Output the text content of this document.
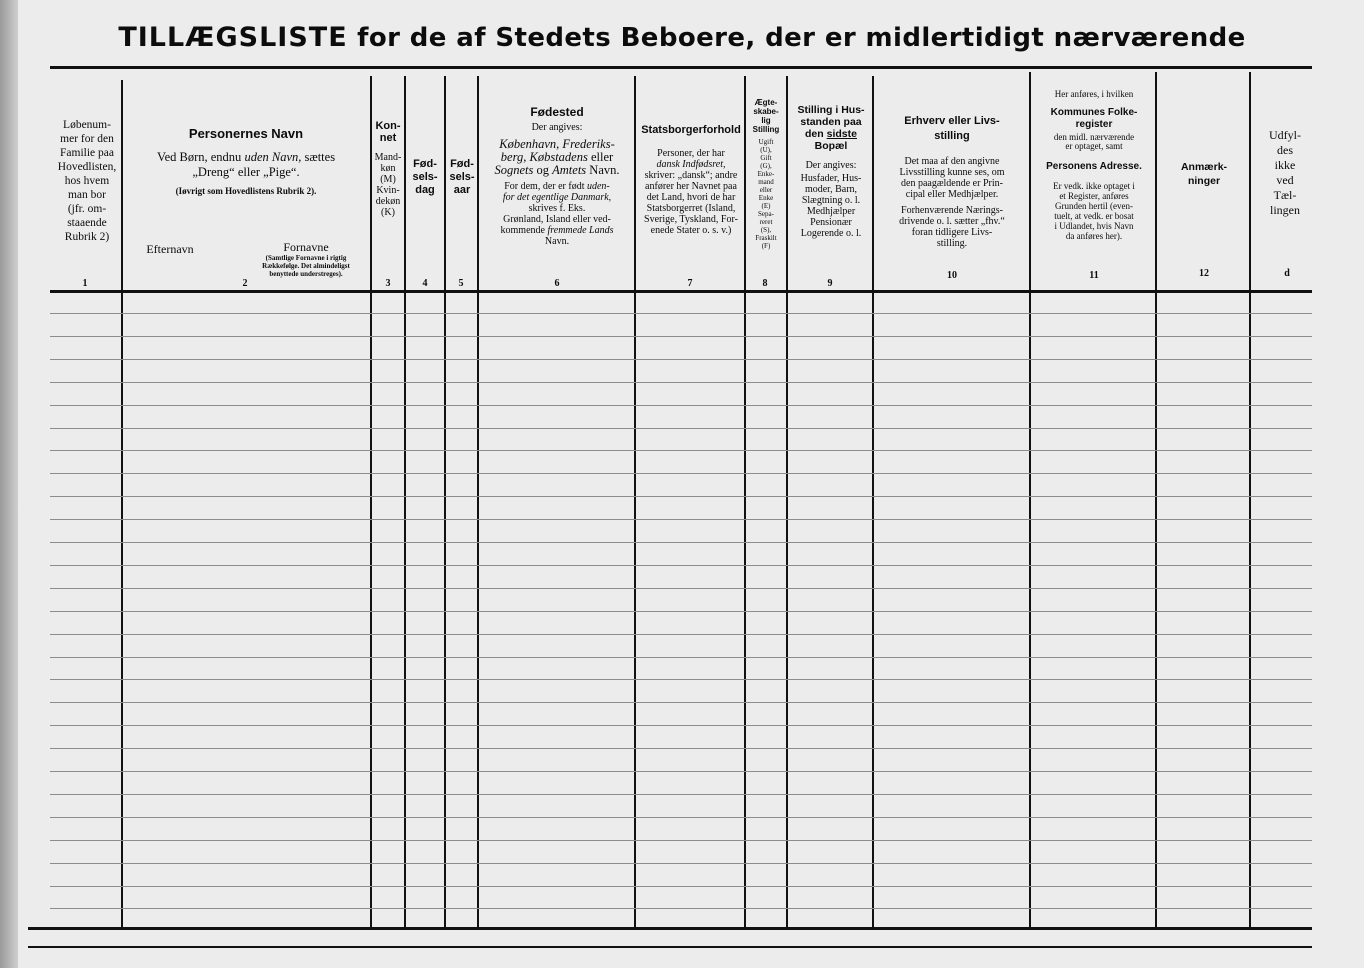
TILLÆGSLISTE for de af Stedets Beboere, der er midlertidigt nærværende
Løbenum-
mer for den
Familie paa
Hovedlisten,
hos hvem
man bor
(jfr. om-
staaende
Rubrik 2)
1
Personernes Navn
Ved Børn, endnu uden Navn, sættes
„Dreng“ eller „Pige“.
(Iøvrigt som Hovedlistens Rubrik 2).
Efternavn	Fornavne
(Samtlige Fornavne i rigtig
Rækkefølge. Det almindeligst
benyttede understreges).
2
Kon-
net
Mand-
køn
(M)
Kvin-
dekøn
(K)
3
Fød-
sels-
dag
4
Fød-
sels-
aar
5
Fødested
Der angives:
København, Frederiks-
berg, Købstadens eller
Sognets og Amtets Navn.
For dem, der er født uden-
for det egentlige Danmark,
skrives f. Eks.
Grønland, Island eller ved-
kommende fremmede Lands
Navn.
6
Statsborgerforhold
Personer, der har
dansk Indfødsret,
skriver: „dansk“; andre
anfører her Navnet paa
det Land, hvori de har
Statsborgerret (Island,
Sverige, Tyskland, For-
enede Stater o. s. v.)
7
Ægte-
skabe-
lig
Stilling
Ugift
(U),
Gift
(G),
Enke-
mand
eller
Enke
(E)
Sepa-
reret
(S),
Fraskilt
(F)
8
Stilling i Hus-
standen paa
den sidste
Bopæl
Der angives:
Husfader, Hus-
moder, Barn,
Slægtning o. l.
Medhjælper
Pensionær
Logerende o. l.
9
Erhverv eller Livs-
stilling
Det maa af den angivne
Livsstilling kunne ses, om
den paagældende er Prin-
cipal eller Medhjælper.
Forhenværende Nærings-
drivende o. l. sætter „fhv.“
foran tidligere Livs-
stilling.
10
Her anføres, i hvilken
Kommunes Folke-
register
den midl. nærværende
er optaget, samt
Personens Adresse.
Er vedk. ikke optaget i
et Register, anføres
Grunden hertil (even-
tuelt, at vedk. er bosat
i Udlandet, hvis Navn
da anføres her).
11
Anmærk-
ninger
12
Udfyl-
des
ikke
ved
Tæl-
lingen
d
